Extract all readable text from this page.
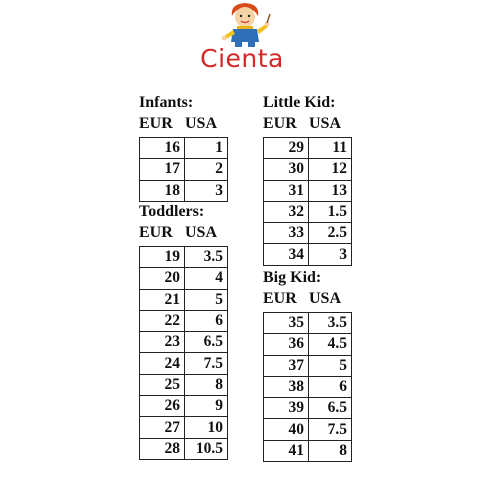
Cienta
Infants:
EUR USA
16	1
17	2
18	3
Toddlers:
EUR USA
19	3.5
20	4
21	5
22	6
23	6.5
24	7.5
25	8
26	9
27	10
28	10.5
Little Kid:
EUR USA
29	11
30	12
31	13
32	1.5
33	2.5
34	3
Big Kid:
EUR USA
35	3.5
36	4.5
37	5
38	6
39	6.5
40	7.5
41	8
